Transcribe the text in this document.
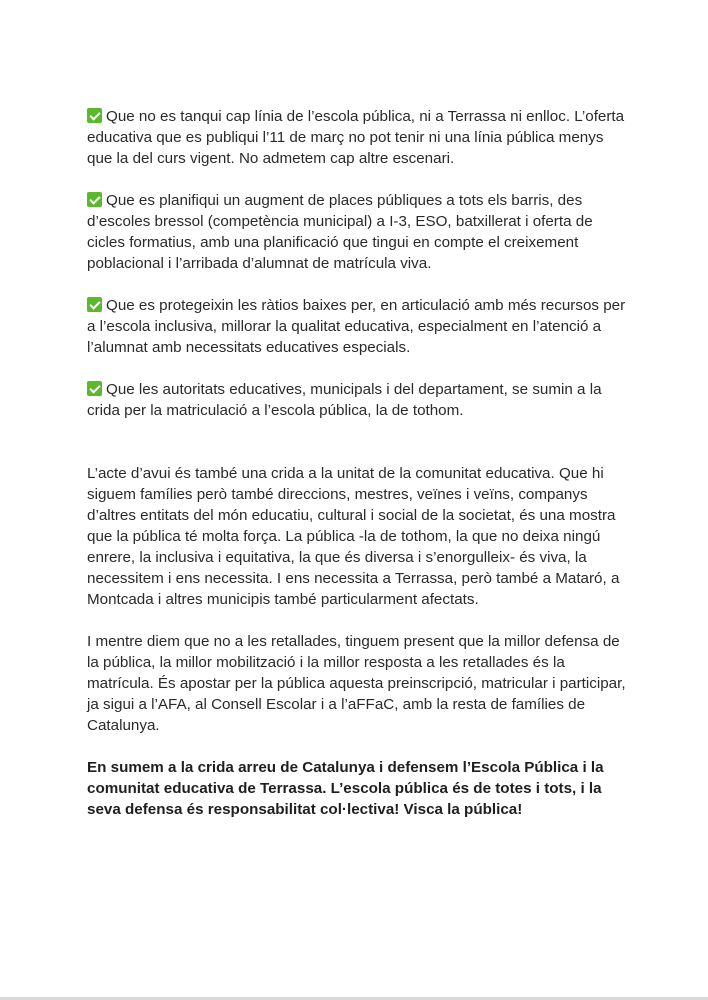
Que no es tanqui cap línia de l’escola pública, ni a Terrassa ni enlloc. L’oferta educativa que es publiqui l’11 de març no pot tenir ni una línia pública menys que la del curs vigent. No admetem cap altre escenari.

Que es planifiqui un augment de places públiques a tots els barris, des d’escoles bressol (competència municipal) a I-3, ESO, batxillerat i oferta de cicles formatius, amb una planificació que tingui en compte el creixement poblacional i l’arribada d’alumnat de matrícula viva.

Que es protegeixin les ràtios baixes per, en articulació amb més recursos per a l’escola inclusiva, millorar la qualitat educativa, especialment en l’atenció a l’alumnat amb necessitats educatives especials.

Que les autoritats educatives, municipals i del departament, se sumin a la crida per la matriculació a l’escola pública, la de tothom.

L’acte d’avui és també una crida a la unitat de la comunitat educativa. Que hi siguem famílies però també direccions, mestres, veïnes i veïns, companys d’altres entitats del món educatiu, cultural i social de la societat, és una mostra que la pública té molta força. La pública -la de tothom, la que no deixa ningú enrere, la inclusiva i equitativa, la que és diversa i s’enorgulleix- és viva, la necessitem i ens necessita. I ens necessita a Terrassa, però també a Mataró, a Montcada i altres municipis també particularment afectats.

I mentre diem que no a les retallades, tinguem present que la millor defensa de la pública, la millor mobilització i la millor resposta a les retallades és la matrícula. És apostar per la pública aquesta preinscripció, matricular i participar, ja sigui a l’AFA, al Consell Escolar i a l’aFFaC, amb la resta de famílies de Catalunya.

En sumem a la crida arreu de Catalunya i defensem l’Escola Pública i la comunitat educativa de Terrassa. L’escola pública és de totes i tots, i la seva defensa és responsabilitat col·lectiva! Visca la pública!
